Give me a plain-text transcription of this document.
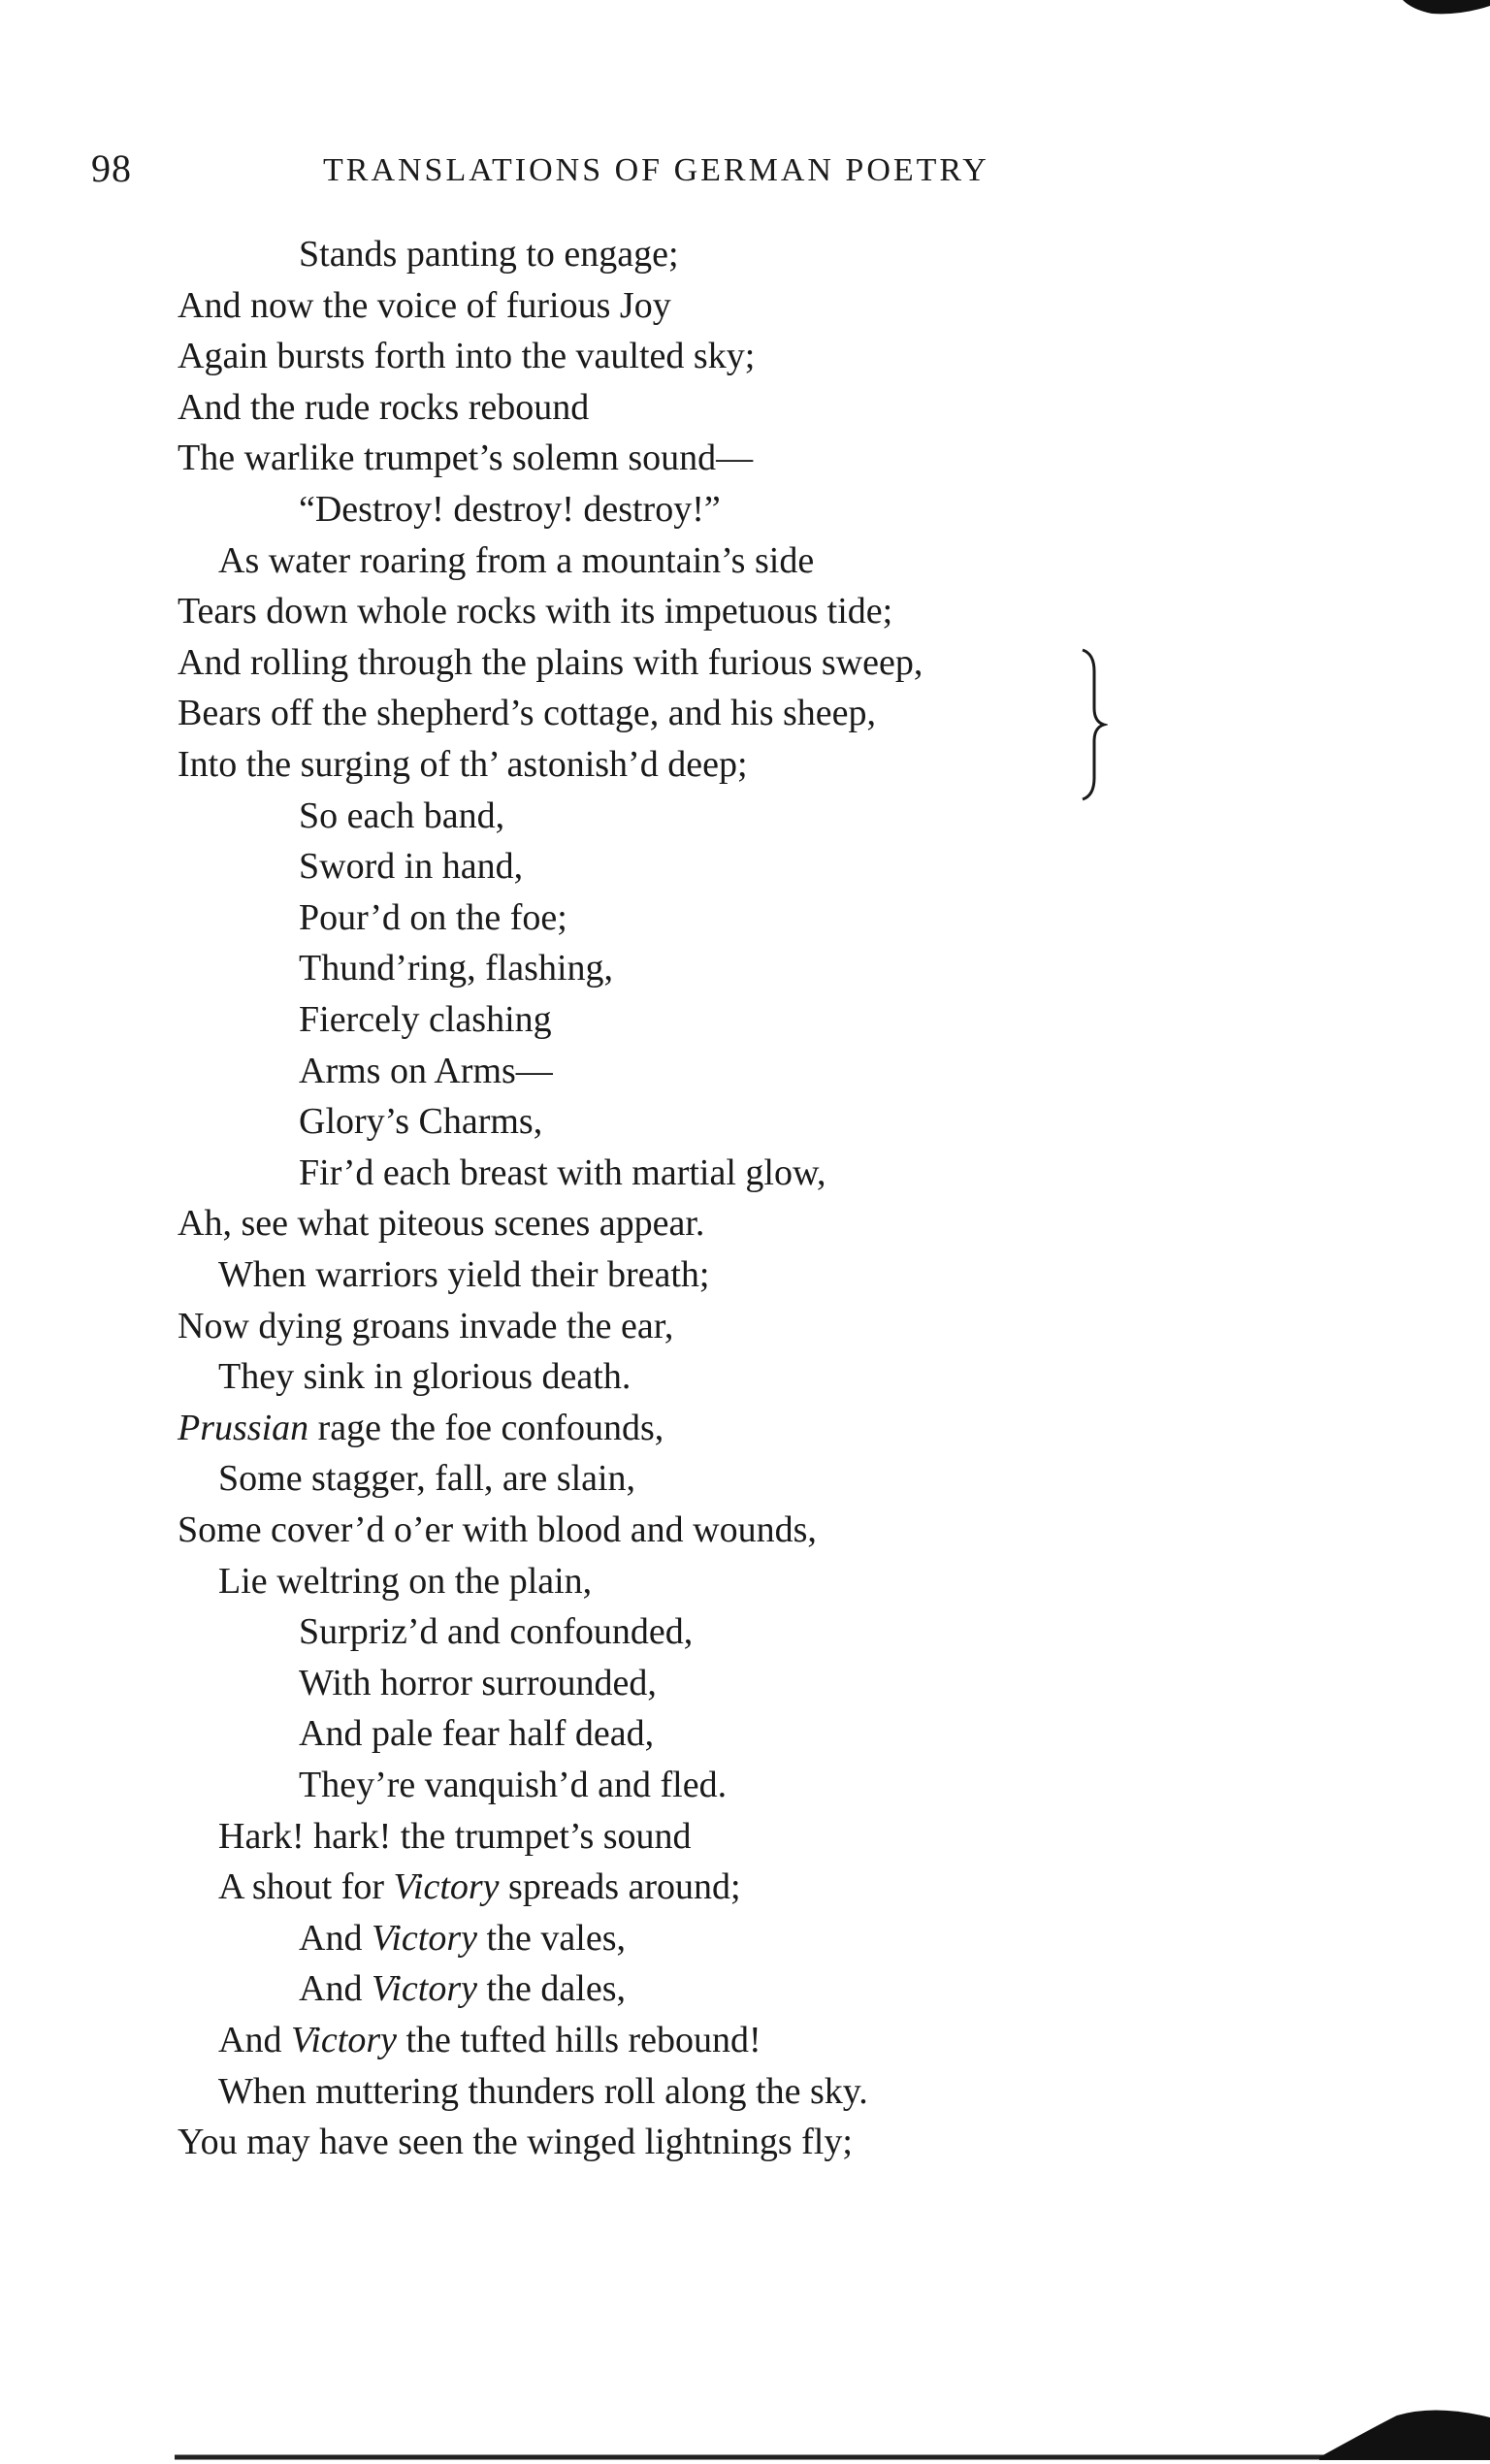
98	TRANSLATIONS OF GERMAN POETRY
Stands panting to engage;
And now the voice of furious Joy
Again bursts forth into the vaulted sky;
And the rude rocks rebound
The warlike trumpet’s solemn sound—
“Destroy! destroy! destroy!”
As water roaring from a mountain’s side
Tears down whole rocks with its impetuous tide;
And rolling through the plains with furious sweep,
Bears off the shepherd’s cottage, and his sheep,
Into the surging of th’ astonish’d deep;
So each band,
Sword in hand,
Pour’d on the foe;
Thund’ring, flashing,
Fiercely clashing
Arms on Arms—
Glory’s Charms,
Fir’d each breast with martial glow,
Ah, see what piteous scenes appear.
When warriors yield their breath;
Now dying groans invade the ear,
They sink in glorious death.
Prussian rage the foe confounds,
Some stagger, fall, are slain,
Some cover’d o’er with blood and wounds,
Lie weltring on the plain,
Surpriz’d and confounded,
With horror surrounded,
And pale fear half dead,
They’re vanquish’d and fled.
Hark! hark! the trumpet’s sound
A shout for Victory spreads around;
And Victory the vales,
And Victory the dales,
And Victory the tufted hills rebound!
When muttering thunders roll along the sky.
You may have seen the winged lightnings fly;
